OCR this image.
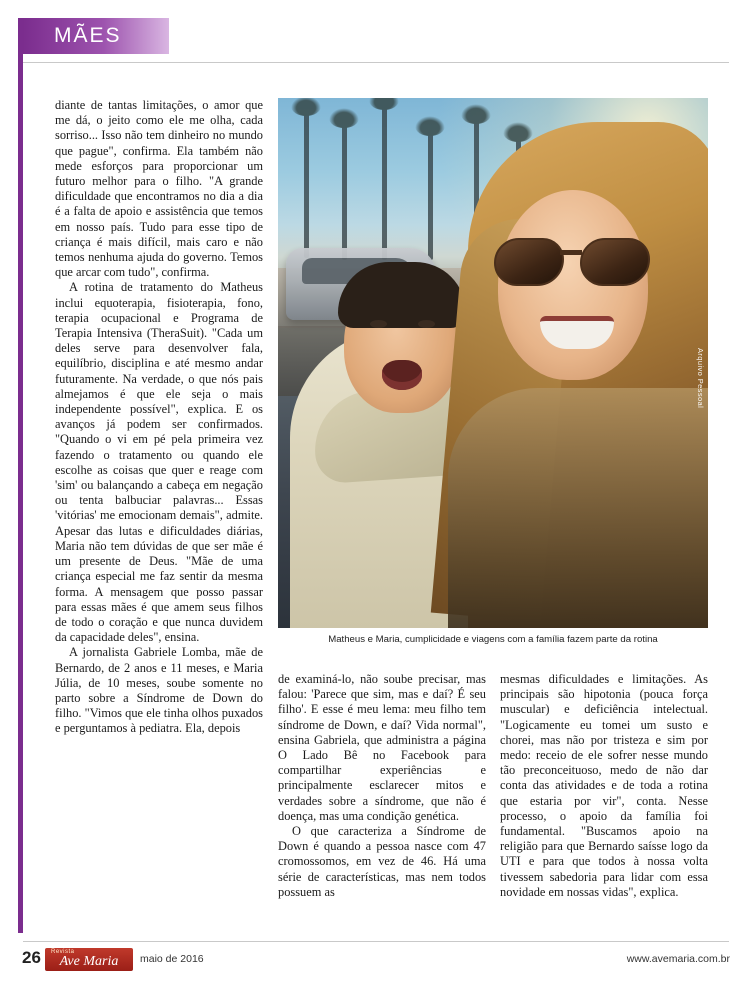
MÃES
Arquivo Pessoal
Matheus e Maria, cumplicidade e viagens com a família fazem parte da rotina

diante de tantas limitações, o amor que me dá, o jeito como ele me olha, cada sorriso... Isso não tem dinheiro no mundo que pague", confirma. Ela também não mede esforços para proporcionar um futuro melhor para o filho. "A grande dificuldade que encontramos no dia a dia é a falta de apoio e assistência que temos em nosso país. Tudo para esse tipo de criança é mais difícil, mais caro e não temos nenhuma ajuda do governo. Temos que arcar com tudo", confirma.

A rotina de tratamento do Matheus inclui equoterapia, fisioterapia, fono, terapia ocupacional e Programa de Terapia Intensiva (TheraSuit). "Cada um deles serve para desenvolver fala, equilíbrio, disciplina e até mesmo andar futuramente. Na verdade, o que nós pais almejamos é que ele seja o mais independente possível", explica. E os avanços já podem ser confirmados. "Quando o vi em pé pela primeira vez fazendo o tratamento ou quando ele escolhe as coisas que quer e reage com 'sim' ou balançando a cabeça em negação ou tenta balbuciar palavras... Essas 'vitórias' me emocionam demais", admite. Apesar das lutas e dificuldades diárias, Maria não tem dúvidas de que ser mãe é um presente de Deus. "Mãe de uma criança especial me faz sentir da mesma forma. A mensagem que posso passar para essas mães é que amem seus filhos de todo o coração e que nunca duvidem da capacidade deles", ensina.

A jornalista Gabriele Lomba, mãe de Bernardo, de 2 anos e 11 meses, e Maria Júlia, de 10 meses, soube somente no parto sobre a Síndrome de Down do filho. "Vimos que ele tinha olhos puxados e perguntamos à pediatra. Ela, depois

de examiná-lo, não soube precisar, mas falou: 'Parece que sim, mas e daí? É seu filho'. E esse é meu lema: meu filho tem síndrome de Down, e daí? Vida normal", ensina Gabriela, que administra a página O Lado Bê no Facebook para compartilhar experiências e principalmente esclarecer mitos e verdades sobre a síndrome, que não é doença, mas uma condição genética.

O que caracteriza a Síndrome de Down é quando a pessoa nasce com 47 cromossomos, em vez de 46. Há uma série de características, mas nem todos possuem as

mesmas dificuldades e limitações. As principais são hipotonia (pouca força muscular) e deficiência intelectual. "Logicamente eu tomei um susto e chorei, mas não por tristeza e sim por medo: receio de ele sofrer nesse mundo tão preconceituoso, medo de não dar conta das atividades e de toda a rotina que estaria por vir", conta. Nesse processo, o apoio da família foi fundamental. "Buscamos apoio na religião para que Bernardo saísse logo da UTI e para que todos à nossa volta tivessem sabedoria para lidar com essa novidade em nossas vidas", explica.

26 Revista
Ave Maria	maio de 2016	www.avemaria.com.br
